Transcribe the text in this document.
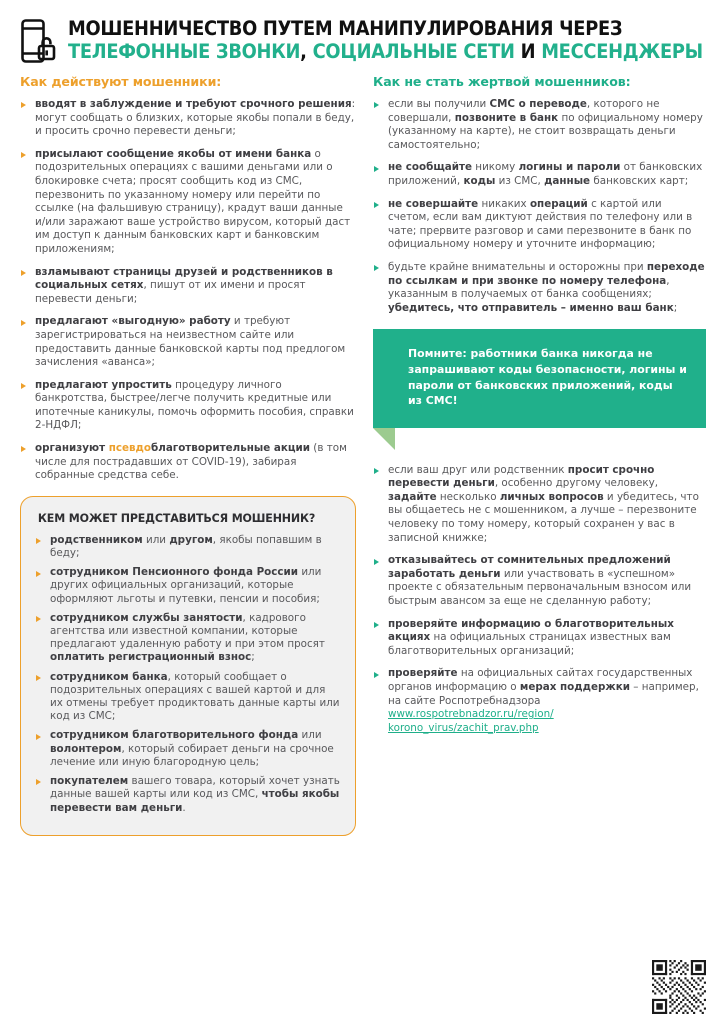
МОШЕННИЧЕСТВО ПУТЕМ МАНИПУЛИРОВАНИЯ ЧЕРЕЗ
ТЕЛЕФОННЫЕ ЗВОНКИ, СОЦИАЛЬНЫЕ СЕТИ И МЕССЕНДЖЕРЫ
Как действуют мошенники:
вводят в заблуждение и требуют срочного решения: могут сообщать о близких, которые якобы попали в беду, и просить срочно перевести деньги;
присылают сообщение якобы от имени банка о подозрительных операциях с вашими деньгами или о блокировке счета; просят сообщить код из СМС, перезвонить по указанному номеру или перейти по ссылке (на фальшивую страницу), крадут ваши данные и/или заражают ваше устройство вирусом, который даст им доступ к данным банковских карт и банковским приложениям;
взламывают страницы друзей и родственников в социальных сетях, пишут от их имени и просят перевести деньги;
предлагают «выгодную» работу и требуют зарегистрироваться на неизвестном сайте или предоставить данные банковской карты под предлогом зачисления «аванса»;
предлагают упростить процедуру личного банкротства, быстрее/легче получить кредитные или ипотечные каникулы, помочь оформить пособия, справки 2-НДФЛ;
организуют псевдоблаготворительные акции (в том числе для пострадавших от COVID-19), забирая собранные средства себе.
КЕМ МОЖЕТ ПРЕДСТАВИТЬСЯ МОШЕННИК?
родственником или другом, якобы попавшим в беду;
сотрудником Пенсионного фонда России или других официальных организаций, которые оформляют льготы и путевки, пенсии и пособия;
сотрудником службы занятости, кадрового агентства или известной компании, которые предлагают удаленную работу и при этом просят оплатить регистрационный взнос;
сотрудником банка, который сообщает о подозрительных операциях с вашей картой и для их отмены требует продиктовать данные карты или код из СМС;
сотрудником благотворительного фонда или волонтером, который собирает деньги на срочное лечение или иную благородную цель;
покупателем вашего товара, который хочет узнать данные вашей карты или код из СМС, чтобы якобы перевести вам деньги.
Как не стать жертвой мошенников:
если вы получили СМС о переводе, которого не совершали, позвоните в банк по официальному номеру (указанному на карте), не стоит возвращать деньги самостоятельно;
не сообщайте никому логины и пароли от банковских приложений, коды из СМС, данные банковских карт;
не совершайте никаких операций с картой или счетом, если вам диктуют действия по телефону или в чате; прервите разговор и сами перезвоните в банк по официальному номеру и уточните информацию;
будьте крайне внимательны и осторожны при переходе по ссылкам и при звонке по номеру телефона, указанным в получаемых от банка сообщениях; убедитесь, что отправитель – именно ваш банк;
Помните: работники банка никогда не запрашивают коды безопасности, логины и пароли от банковских приложений, коды из СМС!
если ваш друг или родственник просит срочно перевести деньги, особенно другому человеку, задайте несколько личных вопросов и убедитесь, что вы общаетесь не с мошенником, а лучше – перезвоните человеку по тому номеру, который сохранен у вас в записной книжке;
отказывайтесь от сомнительных предложений заработать деньги или участвовать в «успешном» проекте с обязательным первоначальным взносом или быстрым авансом за еще не сделанную работу;
проверяйте информацию о благотворительных акциях на официальных страницах известных вам благотворительных организаций;
проверяйте на официальных сайтах государственных органов информацию о мерах поддержки – например, на сайте Роспотребнадзора
www.rospotrebnadzor.ru/region/
korono_virus/zachit_prav.php
